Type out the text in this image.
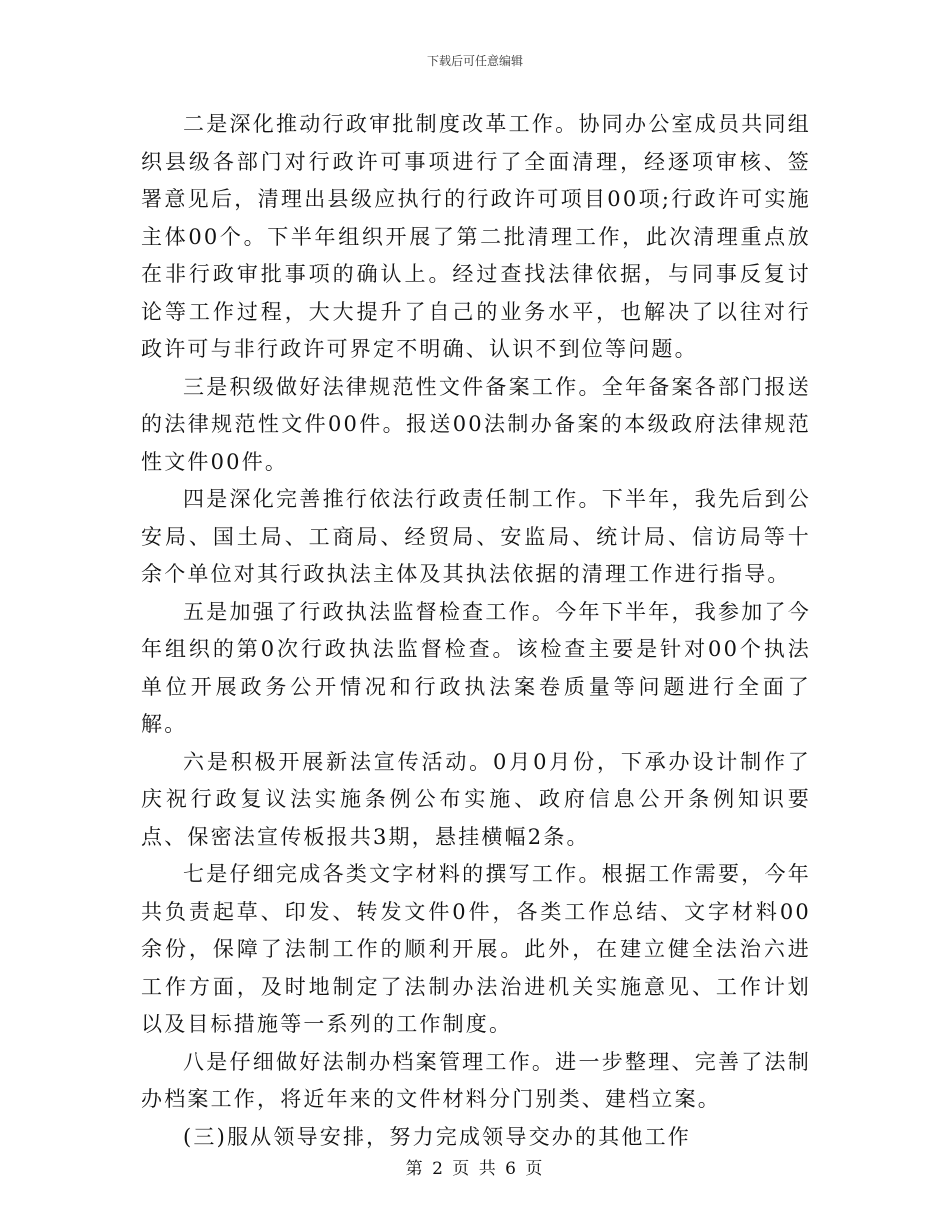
下载后可任意编辑

二是深化推动行政审批制度改革工作。协同办公室成员共同组织县级各部门对行政许可事项进行了全面清理，经逐项审核、签署意见后，清理出县级应执行的行政许可项目00项;行政许可实施主体00个。下半年组织开展了第二批清理工作，此次清理重点放在非行政审批事项的确认上。经过查找法律依据，与同事反复讨论等工作过程，大大提升了自己的业务水平，也解决了以往对行政许可与非行政许可界定不明确、认识不到位等问题。

三是积级做好法律规范性文件备案工作。全年备案各部门报送的法律规范性文件00件。报送00法制办备案的本级政府法律规范性文件00件。

四是深化完善推行依法行政责任制工作。下半年，我先后到公安局、国土局、工商局、经贸局、安监局、统计局、信访局等十余个单位对其行政执法主体及其执法依据的清理工作进行指导。

五是加强了行政执法监督检查工作。今年下半年，我参加了今年组织的第0次行政执法监督检查。该检查主要是针对00个执法单位开展政务公开情况和行政执法案卷质量等问题进行全面了解。

六是积极开展新法宣传活动。0月0月份，下承办设计制作了庆祝行政复议法实施条例公布实施、政府信息公开条例知识要点、保密法宣传板报共3期，悬挂横幅2条。

七是仔细完成各类文字材料的撰写工作。根据工作需要，今年共负责起草、印发、转发文件0件，各类工作总结、文字材料00余份，保障了法制工作的顺利开展。此外，在建立健全法治六进工作方面，及时地制定了法制办法治进机关实施意见、工作计划以及目标措施等一系列的工作制度。

八是仔细做好法制办档案管理工作。进一步整理、完善了法制办档案工作，将近年来的文件材料分门别类、建档立案。

(三)服从领导安排，努力完成领导交办的其他工作

第 2 页 共 6 页
